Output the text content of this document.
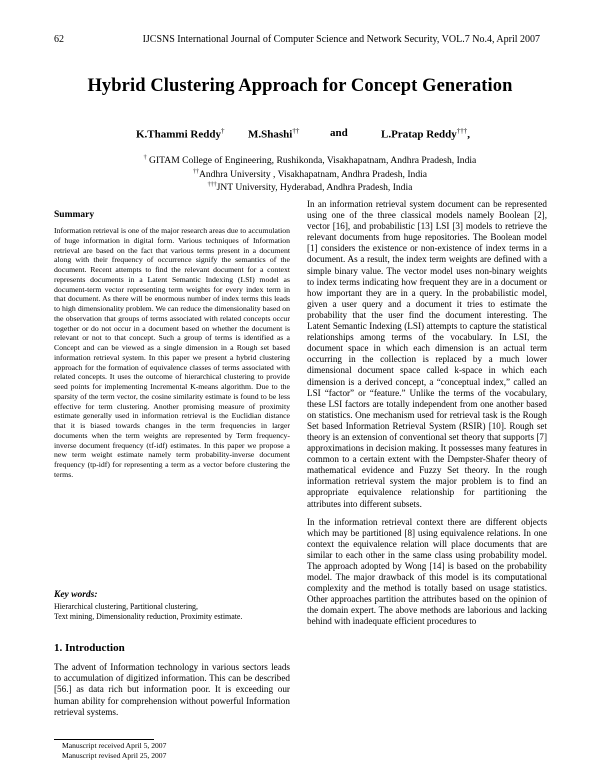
62	IJCSNS International Journal of Computer Science and Network Security, VOL.7 No.4, April 2007
Hybrid Clustering Approach for Concept Generation
K.Thammi Reddy† M.Shashi††	and	L.Pratap Reddy†††,
† GITAM College of Engineering, Rushikonda, Visakhapatnam, Andhra Pradesh, India
††Andhra University , Visakhapatnam, Andhra Pradesh, India
†††JNT University, Hyderabad, Andhra Pradesh, India
Summary

Information retrieval is one of the major research areas due to accumulation of huge information in digital form. Various techniques of Information retrieval are based on the fact that various terms present in a document along with their frequency of occurrence signify the semantics of the document. Recent attempts to find the relevant document for a context represents documents in a Latent Semantic Indexing (LSI) model as document-term vector representing term weights for every index term in that document. As there will be enormous number of index terms this leads to high dimensionality problem. We can reduce the dimensionality based on the observation that groups of terms associated with related concepts occur together or do not occur in a document based on whether the document is relevant or not to that concept. Such a group of terms is identified as a Concept and can be viewed as a single dimension in a Rough set based information retrieval system. In this paper we present a hybrid clustering approach for the formation of equivalence classes of terms associated with related concepts. It uses the outcome of hierarchical clustering to provide seed points for implementing Incremental K-means algorithm. Due to the sparsity of the term vector, the cosine similarity estimate is found to be less effective for term clustering. Another promising measure of proximity estimate generally used in information retrieval is the Euclidian distance that it is biased towards changes in the term frequencies in larger documents when the term weights are represented by Term frequency-inverse document frequency (tf-idf) estimates. In this paper we propose a new term weight estimate namely term probability-inverse document frequency (tp-idf) for representing a term as a vector before clustering the terms.

Key words:
Hierarchical clustering, Partitional clustering,
Text mining, Dimensionality reduction, Proximity estimate.
1. Introduction

The advent of Information technology in various sectors leads to accumulation of digitized information. This can be described [56.] as data rich but information poor. It is exceeding our human ability for comprehension without powerful Information retrieval systems.

Manuscript received April 5, 2007
Manuscript revised April 25, 2007

In an information retrieval system document can be represented using one of the three classical models namely Boolean [2], vector [16], and probabilistic [13] LSI [3] models to retrieve the relevant documents from huge repositories. The Boolean model [1] considers the existence or non-existence of index terms in a document. As a result, the index term weights are defined with a simple binary value. The vector model uses non-binary weights to index terms indicating how frequent they are in a document or how important they are in a query. In the probabilistic model, given a user query and a document it tries to estimate the probability that the user find the document interesting. The Latent Semantic Indexing (LSI) attempts to capture the statistical relationships among terms of the vocabulary. In LSI, the document space in which each dimension is an actual term occurring in the collection is replaced by a much lower dimensional document space called k-space in which each dimension is a derived concept, a “conceptual index,” called an LSI “factor” or “feature.” Unlike the terms of the vocabulary, these LSI factors are totally independent from one another based on statistics. One mechanism used for retrieval task is the Rough Set based Information Retrieval System (RSIR) [10]. Rough set theory is an extension of conventional set theory that supports [7] approximations in decision making. It possesses many features in common to a certain extent with the Dempster-Shafer theory of mathematical evidence and Fuzzy Set theory. In the rough information retrieval system the major problem is to find an appropriate equivalence relationship for partitioning the attributes into different subsets.

In the information retrieval context there are different objects which may be partitioned [8] using equivalence relations. In one context the equivalence relation will place documents that are similar to each other in the same class using probability model. The approach adopted by Wong [14] is based on the probability model. The major drawback of this model is its computational complexity and the method is totally based on usage statistics. Other approaches partition the attributes based on the opinion of the domain expert. The above methods are laborious and lacking behind with inadequate efficient procedures to
